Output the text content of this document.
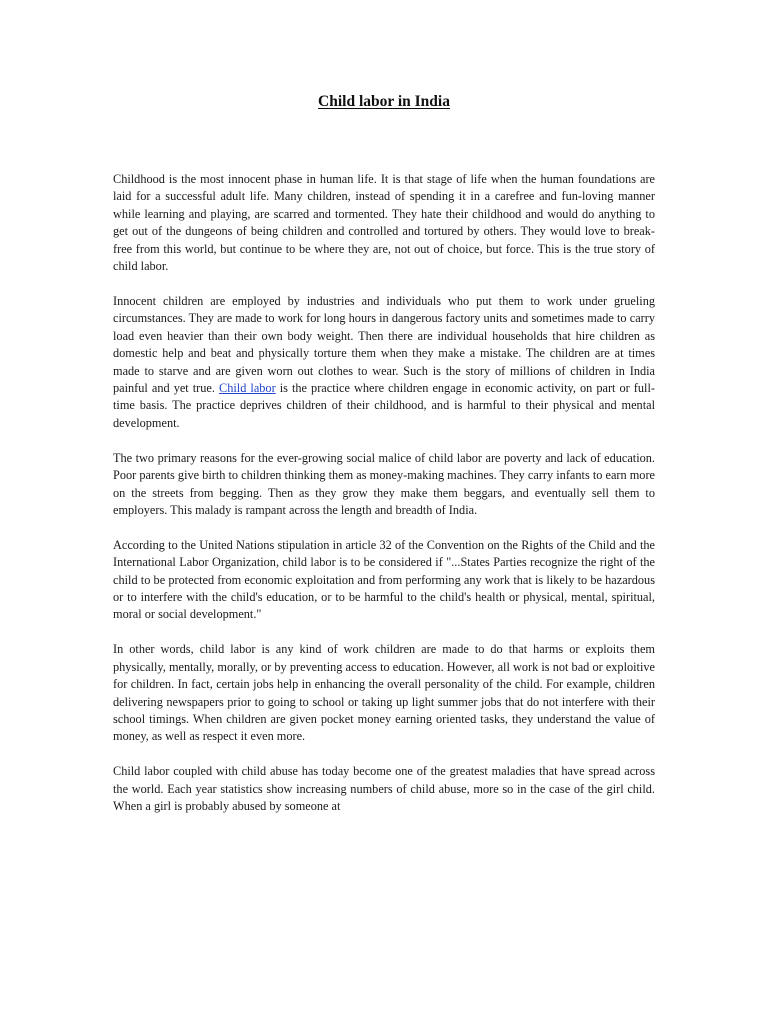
Child labor in India

Childhood is the most innocent phase in human life. It is that stage of life when the human foundations are laid for a successful adult life. Many children, instead of spending it in a carefree and fun-loving manner while learning and playing, are scarred and tormented. They hate their childhood and would do anything to get out of the dungeons of being children and controlled and tortured by others. They would love to break-free from this world, but continue to be where they are, not out of choice, but force. This is the true story of child labor.

Innocent children are employed by industries and individuals who put them to work under grueling circumstances. They are made to work for long hours in dangerous factory units and sometimes made to carry load even heavier than their own body weight. Then there are individual households that hire children as domestic help and beat and physically torture them when they make a mistake. The children are at times made to starve and are given worn out clothes to wear. Such is the story of millions of children in India painful and yet true. Child labor is the practice where children engage in economic activity, on part or full-time basis. The practice deprives children of their childhood, and is harmful to their physical and mental development.

The two primary reasons for the ever-growing social malice of child labor are poverty and lack of education. Poor parents give birth to children thinking them as money-making machines. They carry infants to earn more on the streets from begging. Then as they grow they make them beggars, and eventually sell them to employers. This malady is rampant across the length and breadth of India.

According to the United Nations stipulation in article 32 of the Convention on the Rights of the Child and the International Labor Organization, child labor is to be considered if "...States Parties recognize the right of the child to be protected from economic exploitation and from performing any work that is likely to be hazardous or to interfere with the child's education, or to be harmful to the child's health or physical, mental, spiritual, moral or social development."

In other words, child labor is any kind of work children are made to do that harms or exploits them physically, mentally, morally, or by preventing access to education. However, all work is not bad or exploitive for children. In fact, certain jobs help in enhancing the overall personality of the child. For example, children delivering newspapers prior to going to school or taking up light summer jobs that do not interfere with their school timings. When children are given pocket money earning oriented tasks, they understand the value of money, as well as respect it even more.

Child labor coupled with child abuse has today become one of the greatest maladies that have spread across the world. Each year statistics show increasing numbers of child abuse, more so in the case of the girl child. When a girl is probably abused by someone at
